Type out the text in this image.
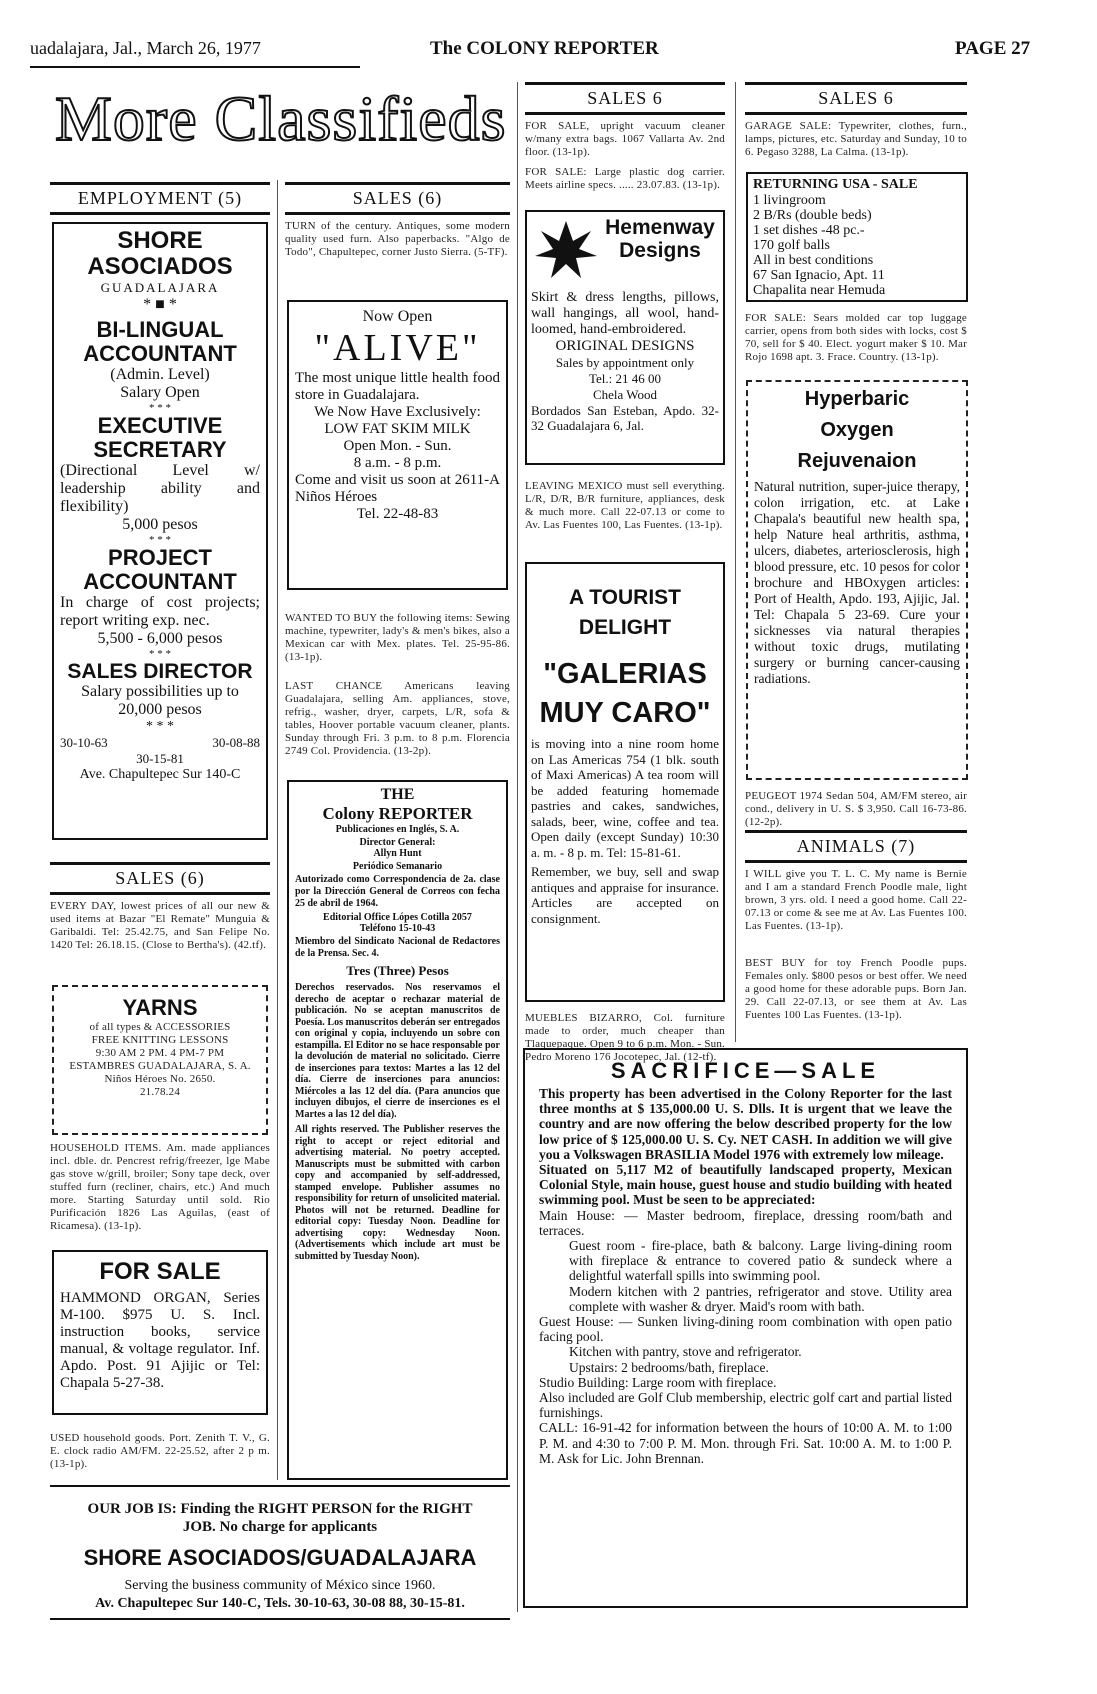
uadalajara, Jal., March 26, 1977	The COLONY REPORTER	PAGE 27
More Classifieds
EMPLOYMENT (5)
SHORE
ASOCIADOS
GUADALAJARA
* ■ *
BI-LINGUAL
ACCOUNTANT
(Admin. Level)
Salary Open
* * *
EXECUTIVE
SECRETARY
(Directional Level w/ leadership ability and flexibility)
5,000 pesos
* * *
PROJECT
ACCOUNTANT
In charge of cost projects; report writing exp. nec.
5,500 - 6,000 pesos
* * *
SALES DIRECTOR
Salary possibilities up to 20,000 pesos
* * *
30-10-63	30-08-88
30-15-81
Ave. Chapultepec Sur 140-C
SALES (6)
EVERY DAY, lowest prices of all our new & used items at Bazar "El Remate" Munguia & Garibaldi. Tel: 25.42.75, and San Felipe No. 1420 Tel: 26.18.15. (Close to Bertha's). (42.tf).
YARNS
of all types & ACCESSORIES
FREE KNITTING LESSONS
9:30 AM 2 PM. 4 PM-7 PM
ESTAMBRES GUADALAJARA, S. A.
Niños Héroes No. 2650.
21.78.24
HOUSEHOLD ITEMS. Am. made appliances incl. dble. dr. Pencrest refrig/freezer, lge Mabe gas stove w/grill, broiler; Sony tape deck, over stuffed furn (recliner, chairs, etc.) And much more. Starting Saturday until sold. Rio Purificación 1826 Las Aguilas, (east of Ricamesa). (13-1p).
FOR SALE
HAMMOND ORGAN, Series M-100. $975 U. S. Incl. instruction books, service manual, & voltage regulator. Inf. Apdo. Post. 91 Ajijic or Tel: Chapala 5-27-38.
USED household goods. Port. Zenith T. V., G. E. clock radio AM/FM. 22-25.52, after 2 p m. (13-1p).
SALES (6)
TURN of the century. Antiques, some modern quality used furn. Also paperbacks. "Algo de Todo", Chapultepec, corner Justo Sierra. (5-TF).
Now Open
"ALIVE"
The most unique little health food store in Guadalajara.
We Now Have Exclusively:
LOW FAT SKIM MILK
Open Mon. - Sun.
8 a.m. - 8 p.m.
Come and visit us soon at 2611-A Niños Héroes
Tel. 22-48-83
WANTED TO BUY the following items: Sewing machine, typewriter, lady's & men's bikes, also a Mexican car with Mex. plates. Tel. 25-95-86. (13-1p).
LAST CHANCE Americans leaving Guadalajara, selling Am. appliances, stove, refrig., washer, dryer, carpets, L/R, sofa & tables, Hoover portable vacuum cleaner, plants. Sunday through Fri. 3 p.m. to 8 p.m. Florencia 2749 Col. Providencia. (13-2p).
THE
Colony REPORTER
Publicaciones en Inglés, S. A.
Director General:
Allyn Hunt
Periódico Semanario
Autorizado como Correspondencia de 2a. clase por la Dirección General de Correos con fecha 25 de abril de 1964.
Editorial Office Lópes Cotilla 2057
Teléfono 15-10-43
Miembro del Sindicato Nacional de Redactores de la Prensa. Sec. 4.
Tres (Three) Pesos
Derechos reservados. Nos reservamos el derecho de aceptar o rechazar material de publicación. No se aceptan manuscritos de Poesía. Los manuscritos deberán ser entregados con original y copia, incluyendo un sobre con estampilla. El Editor no se hace responsable por la devolución de material no solicitado. Cierre de inserciones para textos: Martes a las 12 del día. Cierre de inserciones para anuncios: Miércoles a las 12 del día. (Para anuncios que incluyen dibujos, el cierre de inserciones es el Martes a las 12 del día).
All rights reserved. The Publisher reserves the right to accept or reject editorial and advertising material. No poetry accepted. Manuscripts must be submitted with carbon copy and accompanied by self-addressed, stamped envelope. Publisher assumes no responsibility for return of unsolicited material. Photos will not be returned. Deadline for editorial copy: Tuesday Noon. Deadline for advertising copy: Wednesday Noon. (Advertisements which include art must be submitted by Tuesday Noon).
SALES 6
FOR SALE, upright vacuum cleaner w/many extra bags. 1067 Vallarta Av. 2nd floor. (13-1p).
FOR SALE: Large plastic dog carrier. Meets airline specs. ..... 23.07.83. (13-1p).
Hemenway
Designs
Skirt & dress lengths, pillows, wall hangings, all wool, hand-loomed, hand-embroidered.
ORIGINAL DESIGNS
Sales by appointment only
Tel.: 21 46 00
Chela Wood
Bordados San Esteban, Apdo. 32-32 Guadalajara 6, Jal.
LEAVING MEXICO must sell everything. L/R, D/R, B/R furniture, appliances, desk & much more. Call 22-07.13 or come to Av. Las Fuentes 100, Las Fuentes. (13-1p).
A TOURIST
DELIGHT
"GALERIAS
MUY CARO"
is moving into a nine room home on Las Americas 754 (1 blk. south of Maxi Americas) A tea room will be added featuring homemade pastries and cakes, sandwiches, salads, beer, wine, coffee and tea. Open daily (except Sunday) 10:30 a. m. - 8 p. m. Tel: 15-81-61.
Remember, we buy, sell and swap antiques and appraise for insurance. Articles are accepted on consignment.
MUEBLES BIZARRO, Col. furniture made to order, much cheaper than Tlaquepaque. Open 9 to 6 p.m. Mon. - Sun. Pedro Moreno 176 Jocotepec, Jal. (12-tf).
SALES 6
GARAGE SALE: Typewriter, clothes, furn., lamps, pictures, etc. Saturday and Sunday, 10 to 6. Pegaso 3288, La Calma. (13-1p).
RETURNING USA - SALE
1 livingroom
2 B/Rs (double beds)
1 set dishes -48 pc.-
170 golf balls
All in best conditions
67 San Ignacio, Apt. 11
Chapalita near Hemuda
FOR SALE: Sears molded car top luggage carrier, opens from both sides with locks, cost $ 70, sell for $ 40. Elect. yogurt maker $ 10. Mar Rojo 1698 apt. 3. Frace. Country. (13-1p).
Hyperbaric
Oxygen
Rejuvenaion
Natural nutrition, super-juice therapy, colon irrigation, etc. at Lake Chapala's beautiful new health spa, help Nature heal arthritis, asthma, ulcers, diabetes, arteriosclerosis, high blood pressure, etc. 10 pesos for color brochure and HBOxygen articles: Port of Health, Apdo. 193, Ajijic, Jal. Tel: Chapala 5 23-69. Cure your sicknesses via natural therapies without toxic drugs, mutilating surgery or burning cancer-causing radiations.
PEUGEOT 1974 Sedan 504, AM/FM stereo, air cond., delivery in U. S. $ 3,950. Call 16-73-86. (12-2p).
ANIMALS (7)
I WILL give you T. L. C. My name is Bernie and I am a standard French Poodle male, light brown, 3 yrs. old. I need a good home. Call 22-07.13 or come & see me at Av. Las Fuentes 100. Las Fuentes. (13-1p).
BEST BUY for toy French Poodle pups. Females only. $800 pesos or best offer. We need a good home for these adorable pups. Born Jan. 29. Call 22-07.13, or see them at Av. Las Fuentes 100 Las Fuentes. (13-1p).
SACRIFICE—SALE

This property has been advertised in the Colony Reporter for the last three months at $ 135,000.00 U. S. Dlls. It is urgent that we leave the country and are now offering the below described property for the low low price of $ 125,000.00 U. S. Cy. NET CASH. In addition we will give you a Volkswagen BRASILIA Model 1976 with extremely low mileage.

Situated on 5,117 M2 of beautifully landscaped property, Mexican Colonial Style, main house, guest house and studio building with heated swimming pool. Must be seen to be appreciated:

Main House: — Master bedroom, fireplace, dressing room/bath and terraces.

Guest room - fire-place, bath & balcony. Large living-dining room with fireplace & entrance to covered patio & sundeck where a delightful waterfall spills into swimming pool.

Modern kitchen with 2 pantries, refrigerator and stove. Utility area complete with washer & dryer. Maid's room with bath.

Guest House: — Sunken living-dining room combination with open patio facing pool.

Kitchen with pantry, stove and refrigerator.

Upstairs: 2 bedrooms/bath, fireplace.

Studio Building: Large room with fireplace.

Also included are Golf Club membership, electric golf cart and partial listed furnishings.

CALL: 16-91-42 for information between the hours of 10:00 A. M. to 1:00 P. M. and 4:30 to 7:00 P. M. Mon. through Fri. Sat. 10:00 A. M. to 1:00 P. M. Ask for Lic. John Brennan.

OUR JOB IS: Finding the RIGHT PERSON for the RIGHT JOB. No charge for applicants
SHORE ASOCIADOS/GUADALAJARA
Serving the business community of México since 1960.
Av. Chapultepec Sur 140-C, Tels. 30-10-63, 30-08 88, 30-15-81.
